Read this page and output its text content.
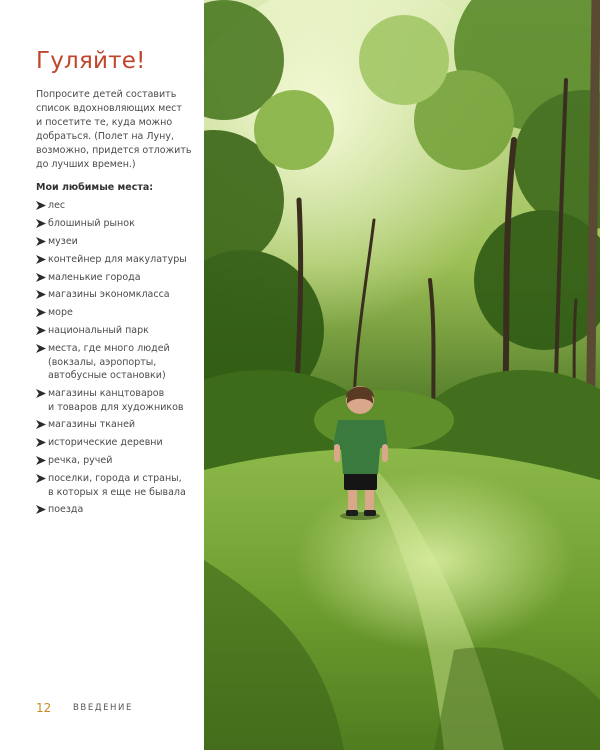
Гуляйте!
Попросите детей составить
список вдохновляющих мест
и посетите те, куда можно
добраться. (Полет на Луну,
возможно, придется отложить
до лучших времен.)
Мои любимые места:
лес
блошиный рынок
музеи
контейнер для макулатуры
маленькие города
магазины экономкласса
море
национальный парк
места, где много людей
(вокзалы, аэропорты,
автобусные остановки)
магазины канцтоваров
и товаров для художников
магазины тканей
исторические деревни
речка, ручей
поселки, города и страны,
в которых я еще не бывала
поезда
12	ВВЕДЕНИЕ
